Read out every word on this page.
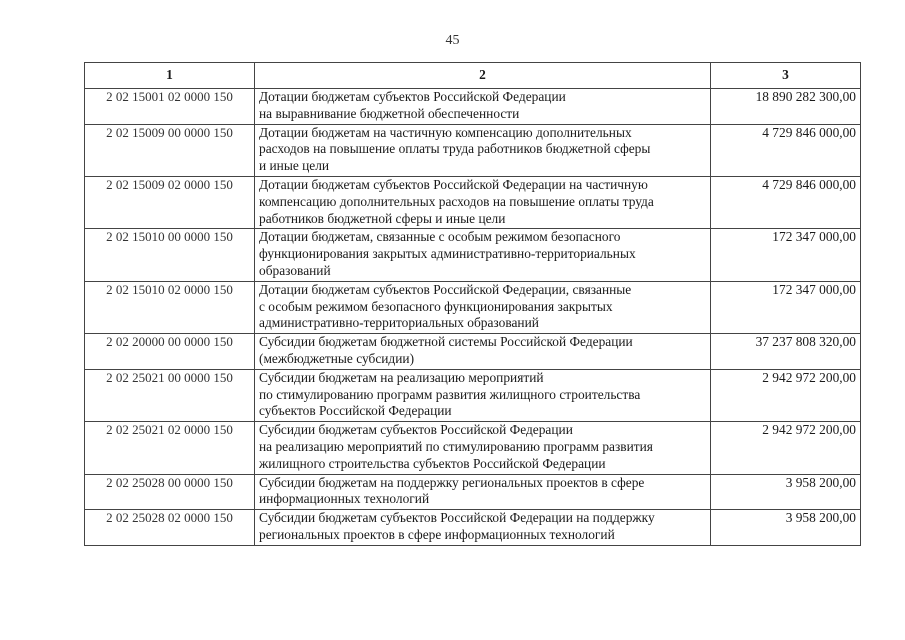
45
1	2	3
2 02 15001 02 0000 150	Дотации бюджетам субъектов Российской Федерации
на выравнивание бюджетной обеспеченности	18 890 282 300,00
2 02 15009 00 0000 150	Дотации бюджетам на частичную компенсацию дополнительных
расходов на повышение оплаты труда работников бюджетной сферы
и иные цели	4 729 846 000,00
2 02 15009 02 0000 150	Дотации бюджетам субъектов Российской Федерации на частичную
компенсацию дополнительных расходов на повышение оплаты труда
работников бюджетной сферы и иные цели	4 729 846 000,00
2 02 15010 00 0000 150	Дотации бюджетам, связанные с особым режимом безопасного
функционирования закрытых административно-территориальных
образований	172 347 000,00
2 02 15010 02 0000 150	Дотации бюджетам субъектов Российской Федерации, связанные
с особым режимом безопасного функционирования закрытых
административно-территориальных образований	172 347 000,00
2 02 20000 00 0000 150	Субсидии бюджетам бюджетной системы Российской Федерации
(межбюджетные субсидии)	37 237 808 320,00
2 02 25021 00 0000 150	Субсидии бюджетам на реализацию мероприятий
по стимулированию программ развития жилищного строительства
субъектов Российской Федерации	2 942 972 200,00
2 02 25021 02 0000 150	Субсидии бюджетам субъектов Российской Федерации
на реализацию мероприятий по стимулированию программ развития
жилищного строительства субъектов Российской Федерации	2 942 972 200,00
2 02 25028 00 0000 150	Субсидии бюджетам на поддержку региональных проектов в сфере
информационных технологий	3 958 200,00
2 02 25028 02 0000 150	Субсидии бюджетам субъектов Российской Федерации на поддержку
региональных проектов в сфере информационных технологий	3 958 200,00
